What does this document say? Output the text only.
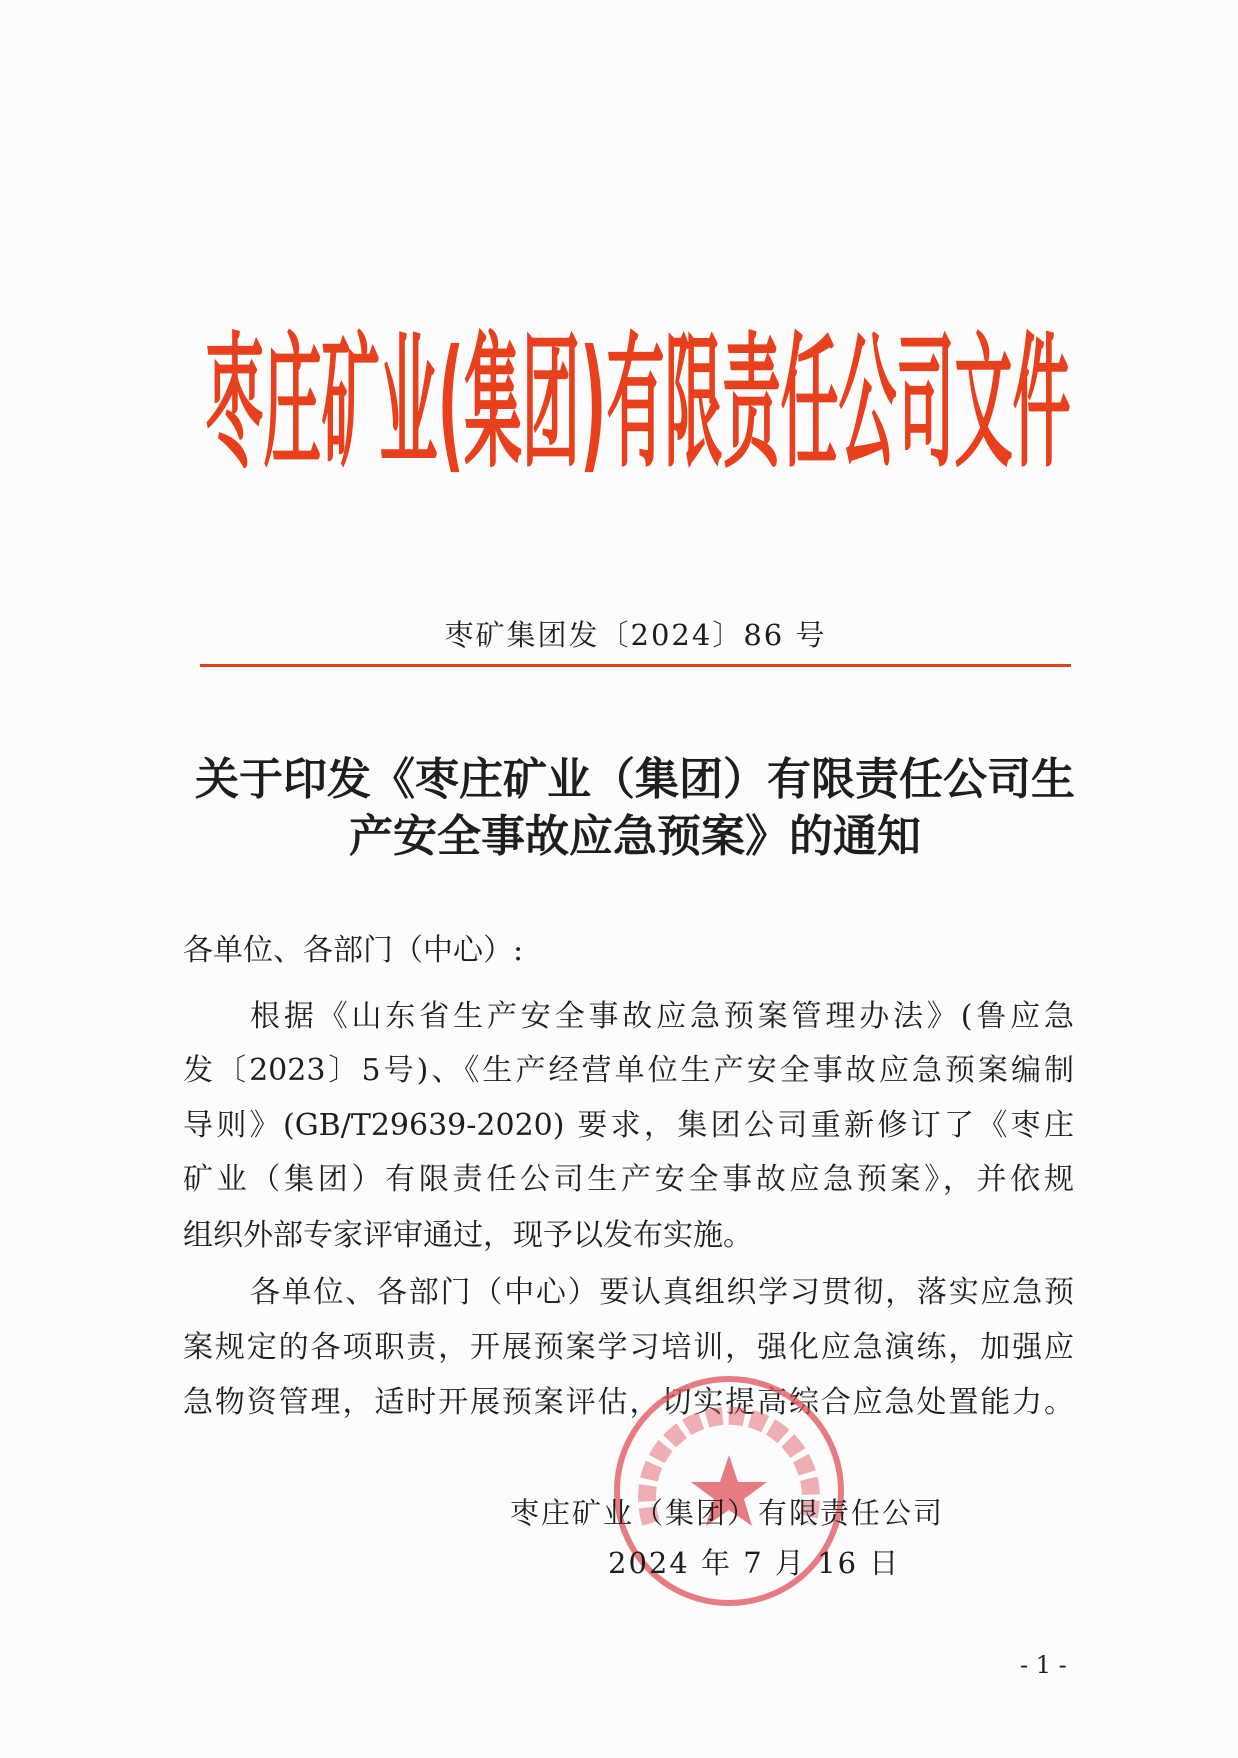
枣庄矿业(集团)有限责任公司文件
枣矿集团发〔2024〕86 号
关于印发《枣庄矿业（集团）有限责任公司生
产安全事故应急预案》的通知
各单位、各部门（中心）:
根据《山东省生产安全事故应急预案管理办法》(鲁应急
发〔2023〕5号)、《生产经营单位生产安全事故应急预案编制
导则》(GB/T29639-2020) 要求，集团公司重新修订了《枣庄
矿业（集团）有限责任公司生产安全事故应急预案》，并依规
组织外部专家评审通过，现予以发布实施。
各单位、各部门（中心）要认真组织学习贯彻，落实应急预
案规定的各项职责，开展预案学习培训，强化应急演练，加强应
急物资管理，适时开展预案评估，切实提高综合应急处置能力。
枣庄矿业（集团）有限责任公司
2024 年 7 月 16 日
- 1 -
